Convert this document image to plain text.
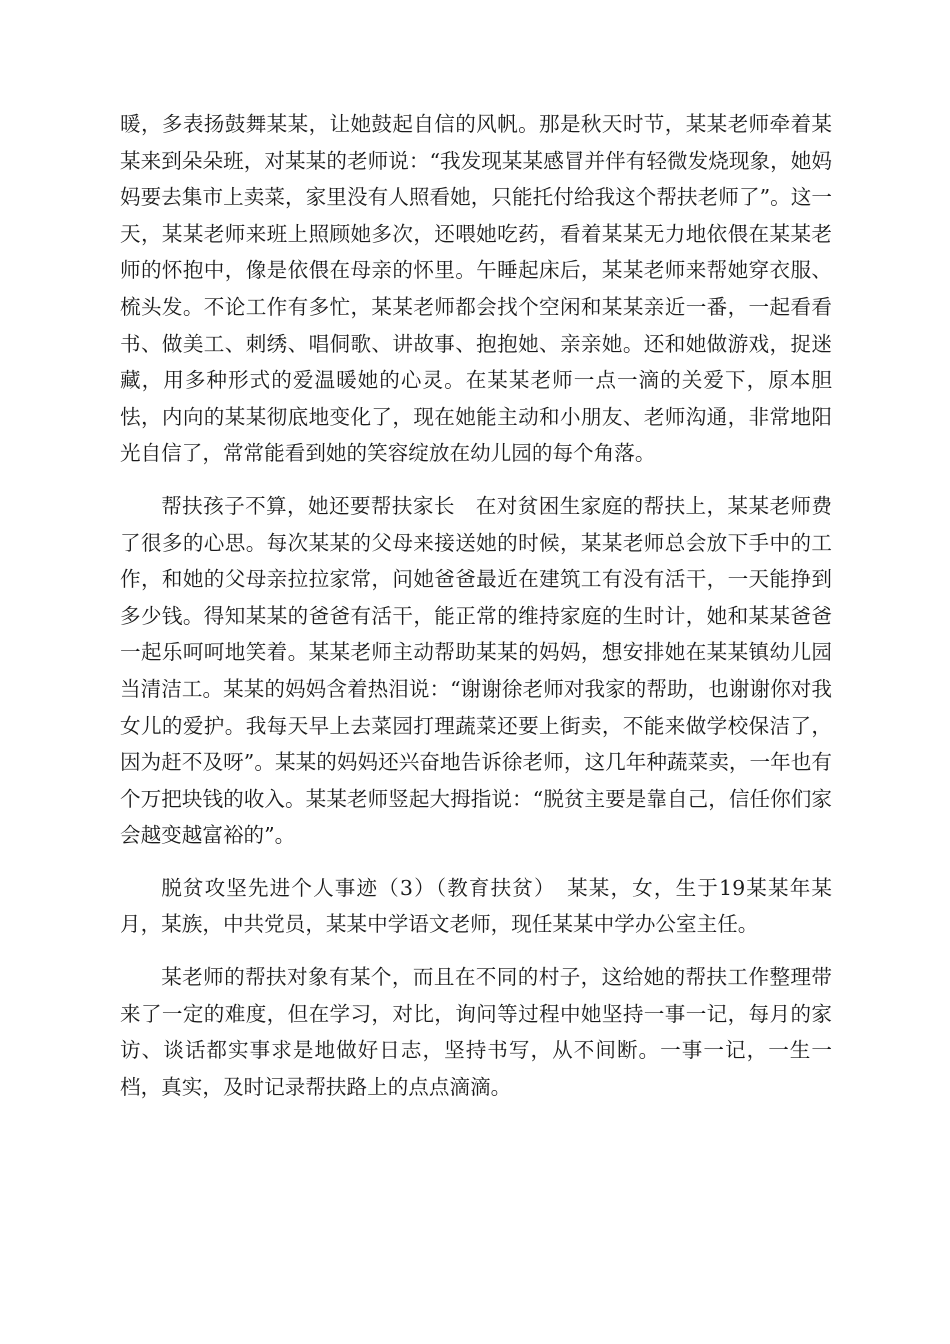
暖，多表扬鼓舞某某，让她鼓起自信的风帆。那是秋天时节，某某老师牵着某某来到朵朵班，对某某的老师说：“我发现某某感冒并伴有轻微发烧现象，她妈妈要去集市上卖菜，家里没有人照看她，只能托付给我这个帮扶老师了”。这一天，某某老师来班上照顾她多次，还喂她吃药，看着某某无力地依偎在某某老师的怀抱中，像是依偎在母亲的怀里。午睡起床后，某某老师来帮她穿衣服、梳头发。不论工作有多忙，某某老师都会找个空闲和某某亲近一番，一起看看书、做美工、刺绣、唱侗歌、讲故事、抱抱她、亲亲她。还和她做游戏，捉迷藏，用多种形式的爱温暖她的心灵。在某某老师一点一滴的关爱下，原本胆怯，内向的某某彻底地变化了，现在她能主动和小朋友、老师沟通，非常地阳光自信了，常常能看到她的笑容绽放在幼儿园的每个角落。

帮扶孩子不算，她还要帮扶家长　在对贫困生家庭的帮扶上，某某老师费了很多的心思。每次某某的父母来接送她的时候，某某老师总会放下手中的工作，和她的父母亲拉拉家常，问她爸爸最近在建筑工有没有活干，一天能挣到多少钱。得知某某的爸爸有活干，能正常的维持家庭的生时计，她和某某爸爸一起乐呵呵地笑着。某某老师主动帮助某某的妈妈，想安排她在某某镇幼儿园当清洁工。某某的妈妈含着热泪说：“谢谢徐老师对我家的帮助，也谢谢你对我女儿的爱护。我每天早上去菜园打理蔬菜还要上街卖，不能来做学校保洁了，因为赶不及呀”。某某的妈妈还兴奋地告诉徐老师，这几年种蔬菜卖，一年也有个万把块钱的收入。某某老师竖起大拇指说：“脱贫主要是靠自己，信任你们家会越变越富裕的”。

脱贫攻坚先进个人事迹（3）（教育扶贫）　某某，女，生于19某某年某月，某族，中共党员，某某中学语文老师，现任某某中学办公室主任。

某老师的帮扶对象有某个，而且在不同的村子，这给她的帮扶工作整理带来了一定的难度，但在学习，对比，询问等过程中她坚持一事一记，每月的家访、谈话都实事求是地做好日志，坚持书写，从不间断。一事一记，一生一档，真实，及时记录帮扶路上的点点滴滴。
